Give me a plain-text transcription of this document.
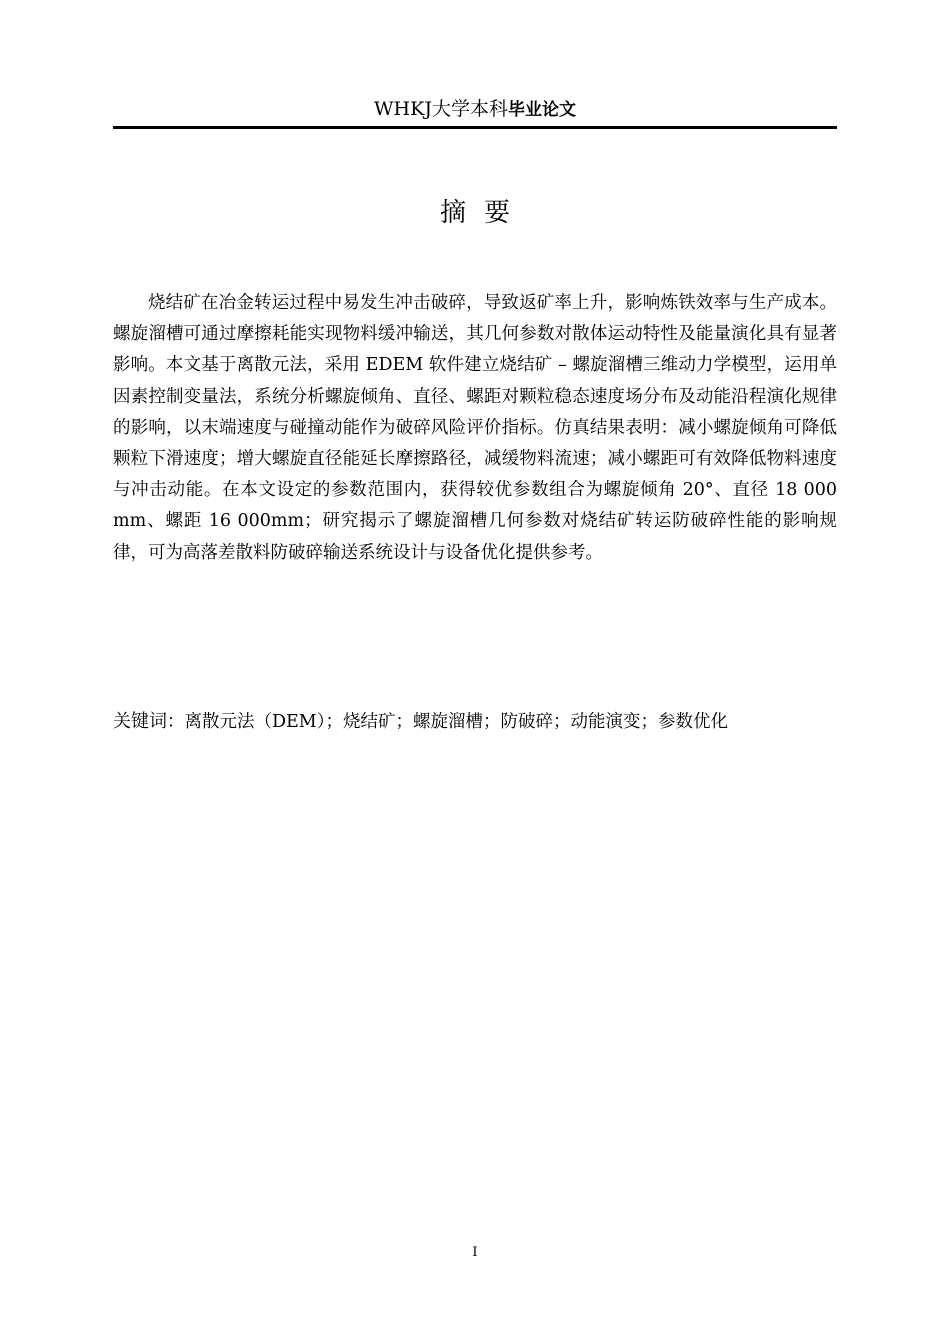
WHKJ大学本科毕业论文
摘要

烧结矿在冶金转运过程中易发生冲击破碎，导致返矿率上升，影响炼铁效率与生产成本。螺旋溜槽可通过摩擦耗能实现物料缓冲输送，其几何参数对散体运动特性及能量演化具有显著影响。本文基于离散元法，采用 EDEM 软件建立烧结矿 – 螺旋溜槽三维动力学模型，运用单因素控制变量法，系统分析螺旋倾角、直径、螺距对颗粒稳态速度场分布及动能沿程演化规律的影响，以末端速度与碰撞动能作为破碎风险评价指标。仿真结果表明：减小螺旋倾角可降低颗粒下滑速度；增大螺旋直径能延长摩擦路径，减缓物料流速；减小螺距可有效降低物料速度与冲击动能。在本文设定的参数范围内，获得较优参数组合为螺旋倾角 20°、直径 18 000 mm、螺距 16 000mm；研究揭示了螺旋溜槽几何参数对烧结矿转运防破碎性能的影响规律，可为高落差散料防破碎输送系统设计与设备优化提供参考。

关键词：离散元法（DEM）；烧结矿；螺旋溜槽；防破碎；动能演变；参数优化
I
